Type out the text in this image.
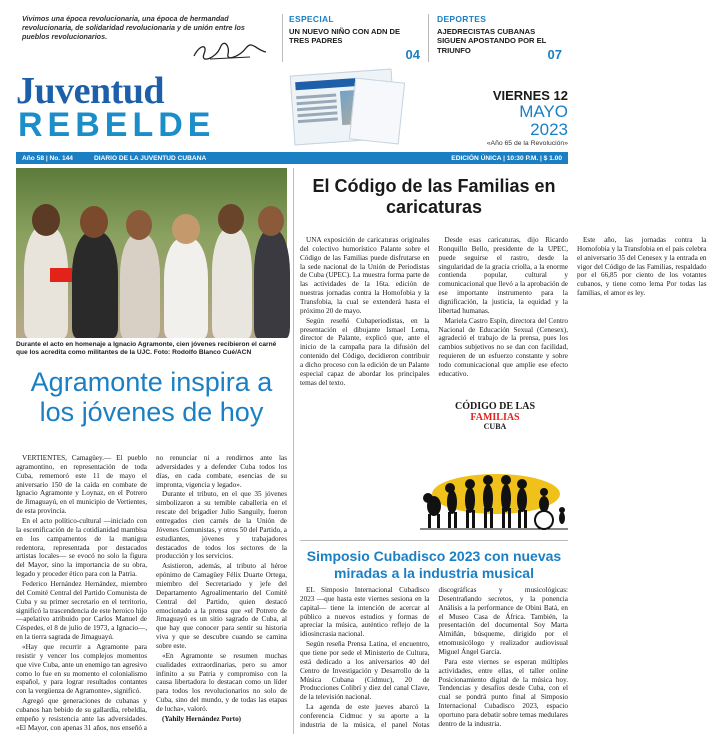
Vivimos una época revolucionaria, una época de hermandad revolucionaria, de solidaridad revolucionaria y de unión entre los pueblos revolucionarios.
ESPECIAL
UN NUEVO NIÑO CON ADN DE TRES PADRES
04
DEPORTES
AJEDRECISTAS CUBANAS SIGUEN APOSTANDO POR EL TRIUNFO	07
Juventud
REBELDE
VIERNES 12
MAYO
2023
«Año 65 de la Revolución»
Año 58 | No. 144	DIARIO DE LA JUVENTUD CUBANA	EDICIÓN ÚNICA | 10:30 P.M. | $ 1.00
Durante el acto en homenaje a Ignacio Agramonte, cien jóvenes recibieron el carné que los acredita como militantes de la UJC. Foto: Rodolfo Blanco Cué/ACN
Agramonte inspira a los jóvenes de hoy

VERTIENTES, Camagüey.— El pueblo agramontino, en representación de toda Cuba, rememoró este 11 de mayo el aniversario 150 de la caída en combate de Ignacio Agramonte y Loynaz, en el Potrero de Jimaguayú, en el municipio de Vertientes, de esta provincia.

En el acto político-cultural —iniciado con la escenificación de la cotidianidad mambisa en los campamentos de la manigua redentora, representada por destacados artistas locales— se evocó no solo la figura del Mayor, sino la importancia de su obra, legado y proceder ético para con la Patria.

Federico Hernández Hernández, miembro del Comité Central del Partido Comunista de Cuba y su primer secretario en el territorio, significó la trascendencia de este heroico hijo —apelativo atribuido por Carlos Manuel de Céspedes, el 8 de julio de 1973, a Ignacio—, en la tierra sagrada de Jimaguayú.

«Hay que recurrir a Agramonte para resistir y vencer los complejos momentos que vive Cuba, ante un enemigo tan agresivo como lo fue en su momento el colonialismo español, y para lograr resultados contantes con la vergüenza de Agramonte», significó.

Agregó que generaciones de cubanas y cubanos han bebido de su gallardía, rebeldía, empeño y resistencia ante las adversidades. «El Mayor, con apenas 31 años, nos enseñó a no renunciar ni a rendirnos ante las adversidades y a defender Cuba todos los días, en cada combate, esencias de su impronta, vigencia y legado».

Durante el tributo, en el que 35 jóvenes simbolizaron a su temible caballería en el rescate del brigadier Julio Sanguily, fueron entregados cien carnés de la Unión de Jóvenes Comunistas, y otros 50 del Partido, a estudiantes, jóvenes y trabajadores destacados de todos los sectores de la producción y los servicios.

Asistieron, además, al tributo al héroe epónimo de Camagüey Félix Duarte Ortega, miembro del Secretariado y jefe del Departamento Agroalimentario del Comité Central del Partido, quien destacó emocionado a la prensa que «el Potrero de Jimaguayú es un sitio sagrado de Cuba, al que hay que conocer para sentir su historia viva y que se descubre cuando se camina sobre este.

«En Agramonte se resumen muchas cualidades extraordinarias, pero su amor infinito a su Patria y compromiso con la causa libertadora lo destacan como un líder para todos los revolucionarios no solo de Cuba, sino del mundo, y de todas las etapas de lucha», valoró.

(Yahily Hernández Porto)

El Código de las Familias en caricaturas

UNA exposición de caricaturas originales del colectivo humorístico Palante sobre el Código de las Familias puede disfrutarse en la sede nacional de la Unión de Periodistas de Cuba (UPEC). La muestra forma parte de las actividades de la 16ta. edición de nuestras jornadas contra la Homofobia y la Transfobia, la cual se extenderá hasta el próximo 20 de mayo.

Según reseñó Cubaperiodistas, en la presentación el dibujante Ismael Lema, director de Palante, explicó que, ante el inicio de la campaña para la difusión del contenido del Código, decidieron contribuir a dicho proceso con la edición de un Palante especial capaz de abordar los principales temas del texto.

Desde esas caricaturas, dijo Ricardo Ronquillo Bello, presidente de la UPEC, puede seguirse el rastro, desde la singularidad de la gracia criolla, a la enorme contienda popular, cultural y comunicacional que llevó a la aprobación de ese importante instrumento para la dignificación, la justicia, la equidad y la libertad humanas.

Mariela Castro Espín, directora del Centro Nacional de Educación Sexual (Cenesex), agradeció el trabajo de la prensa, pues los cambios subjetivos no se dan con facilidad, requieren de un esfuerzo constante y sobre todo comunicacional que amplíe ese efecto educativo.

Este año, las jornadas contra la Homofobia y la Transfobia en el país celebra el aniversario 35 del Cenesex y la entrada en vigor del Código de las Familias, respaldado por el 66,85 por ciento de los votantes cubanos, y tiene como lema Por todas las familias, el amor es ley.

CÓDIGO DE LAS
FAMILIAS
CUBA
Simposio Cubadisco 2023 con nuevas miradas a la industria musical

EL Simposio Internacional Cubadisco 2023 —que hasta este viernes sesiona en la capital— tiene la intención de acercar al público a nuevos estudios y formas de apreciar la música, auténtico reflejo de la idiosincrasia nacional.

Según reseña Prensa Latina, el encuentro, que tiene por sede el Ministerio de Cultura, está dedicado a los aniversarios 40 del Centro de Investigación y Desarrollo de la Música Cubana (Cidmuc), 20 de Producciones Colibrí y diez del canal Clave, de la televisión nacional.

La agenda de este jueves abarcó la conferencia Cidmuc y su aporte a la industria de la música, el panel Notas discográficas y musicológicas: Desentrañando secretos, y la ponencia Análisis a la performance de Obini Batá, en el Museo Casa de África. También, la presentación del documental Soy Marta Almiñán, búsqueme, dirigido por el etnomusicólogo y realizador audiovisual Miguel Ángel García.

Para este viernes se esperan múltiples actividades, entre ellas, el taller online Posicionamiento digital de la música hoy. Tendencias y desafíos desde Cuba, con el cual se pondrá punto final al Simposio Internacional Cubadisco 2023, espacio oportuno para debatir sobre temas medulares dentro de la industria.
